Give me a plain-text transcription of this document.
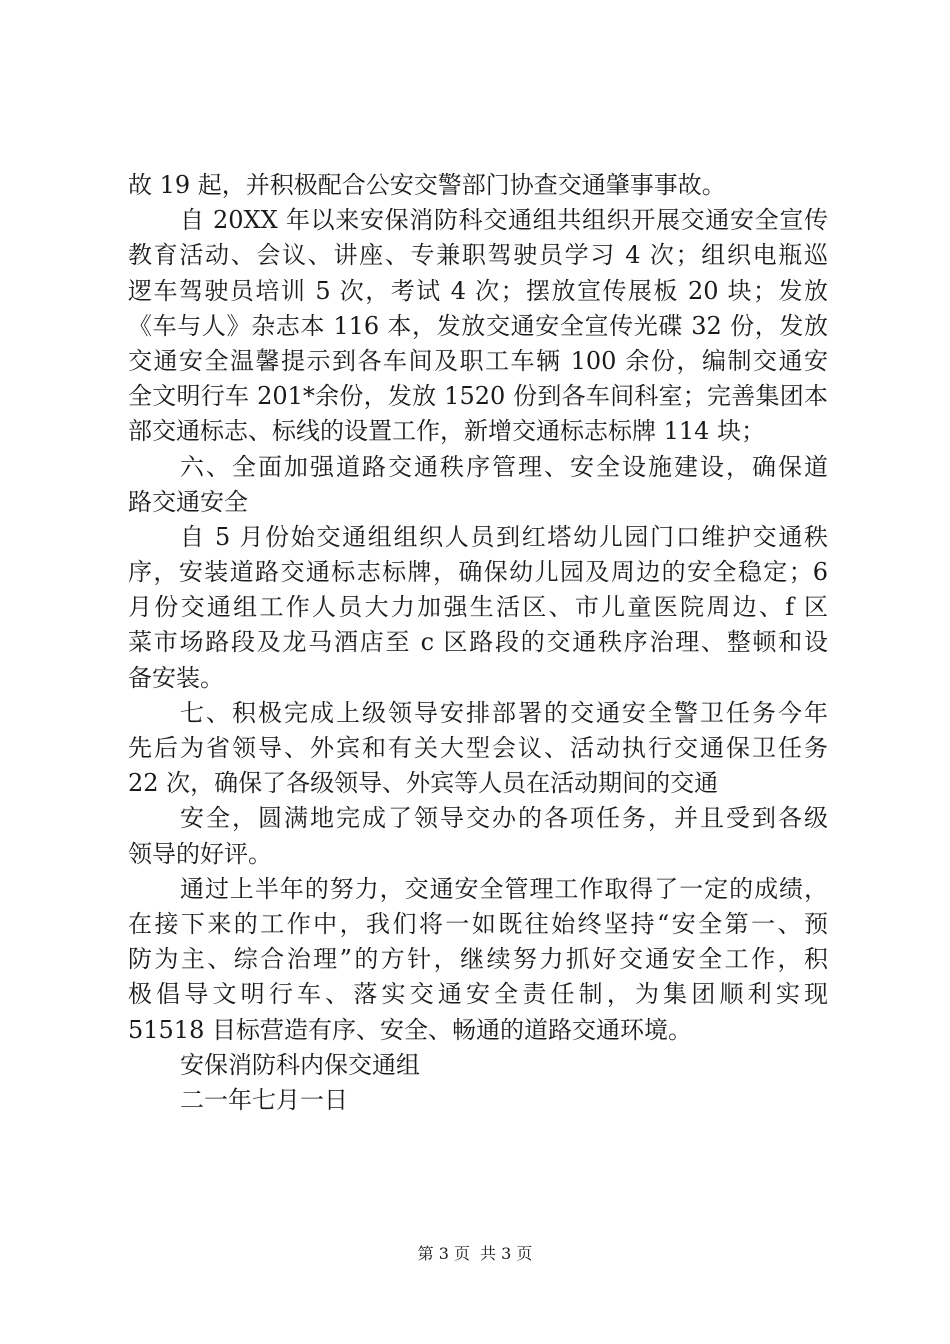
故 19 起，并积极配合公安交警部门协查交通肇事事故。
自 20XX 年以来安保消防科交通组共组织开展交通安全宣传
教育活动、会议、讲座、专兼职驾驶员学习 4 次；组织电瓶巡
逻车驾驶员培训 5 次，考试 4 次；摆放宣传展板 20 块；发放
《车与人》杂志本 116 本，发放交通安全宣传光碟 32 份，发放
交通安全温馨提示到各车间及职工车辆 100 余份，编制交通安
全文明行车 201*余份，发放 1520 份到各车间科室；完善集团本
部交通标志、标线的设置工作，新增交通标志标牌 114 块；
六、全面加强道路交通秩序管理、安全设施建设，确保道
路交通安全
自 5 月份始交通组组织人员到红塔幼儿园门口维护交通秩
序，安装道路交通标志标牌，确保幼儿园及周边的安全稳定；6
月份交通组工作人员大力加强生活区、市儿童医院周边、f 区
菜市场路段及龙马酒店至 c 区路段的交通秩序治理、整顿和设
备安装。
七、积极完成上级领导安排部署的交通安全警卫任务今年
先后为省领导、外宾和有关大型会议、活动执行交通保卫任务
22 次，确保了各级领导、外宾等人员在活动期间的交通
安全，圆满地完成了领导交办的各项任务，并且受到各级
领导的好评。
通过上半年的努力，交通安全管理工作取得了一定的成绩，
在接下来的工作中，我们将一如既往始终坚持“安全第一、预
防为主、综合治理”的方针，继续努力抓好交通安全工作，积
极倡导文明行车、落实交通安全责任制，为集团顺利实现
51518 目标营造有序、安全、畅通的道路交通环境。
安保消防科内保交通组
二一年七月一日
第 3 页 共 3 页
